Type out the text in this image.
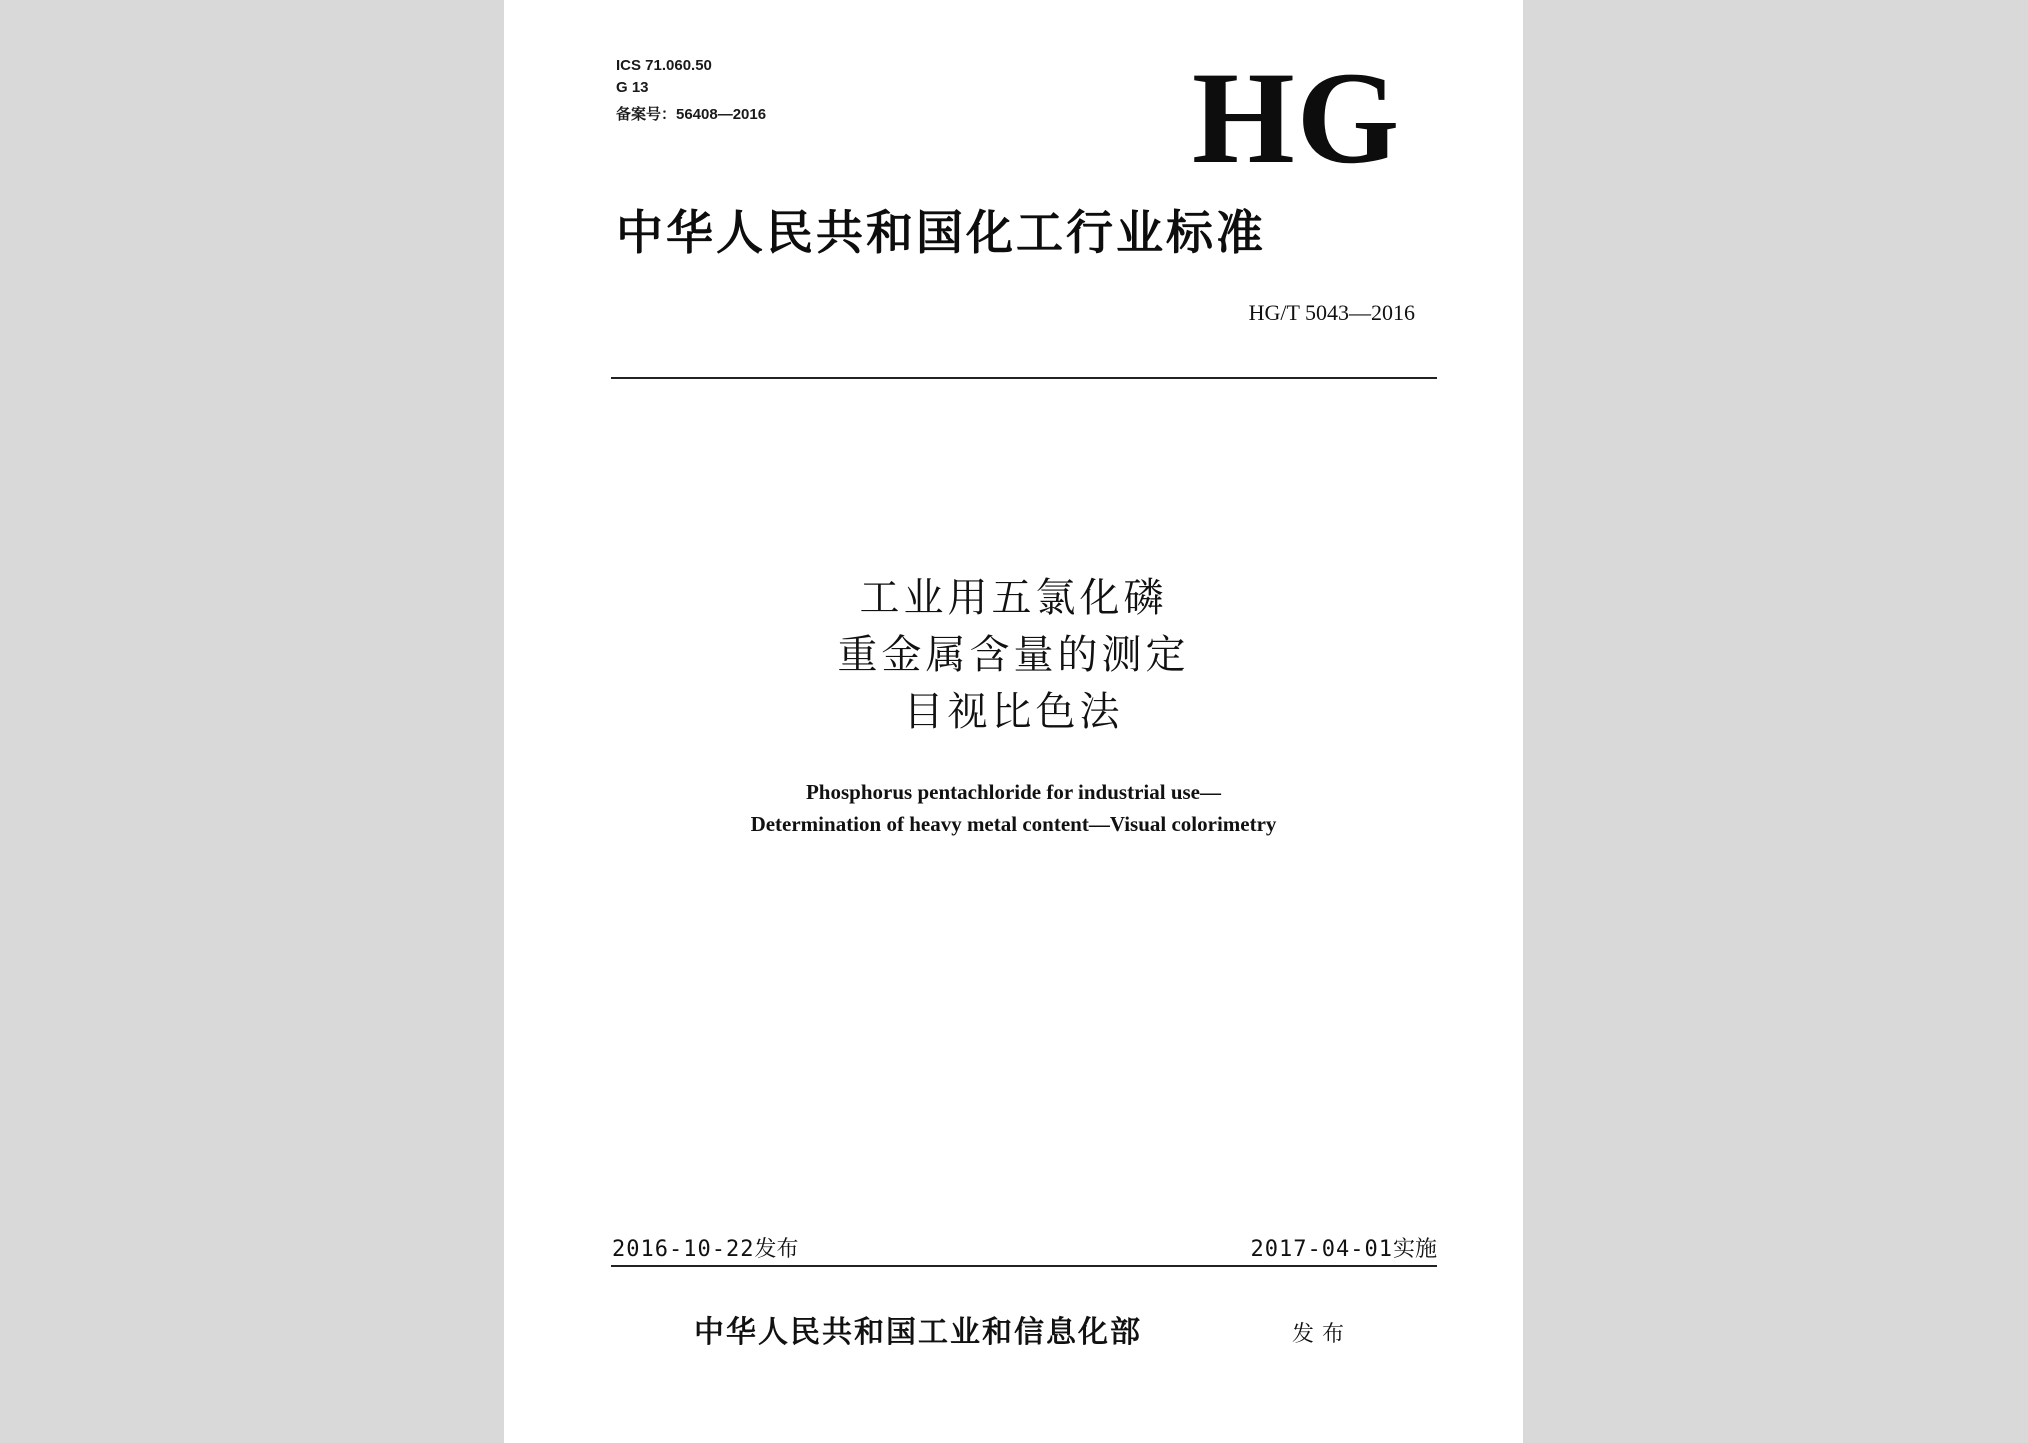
ICS 71.060.50
G 13
备案号：56408—2016	HG
中华人民共和国化工行业标准
HG/T 5043—2016
工业用五氯化磷
重金属含量的测定
目视比色法
Phosphorus pentachloride for industrial use—
Determination of heavy metal content—Visual colorimetry
2016-10-22发布	2017-04-01实施
中华人民共和国工业和信息化部	发布
